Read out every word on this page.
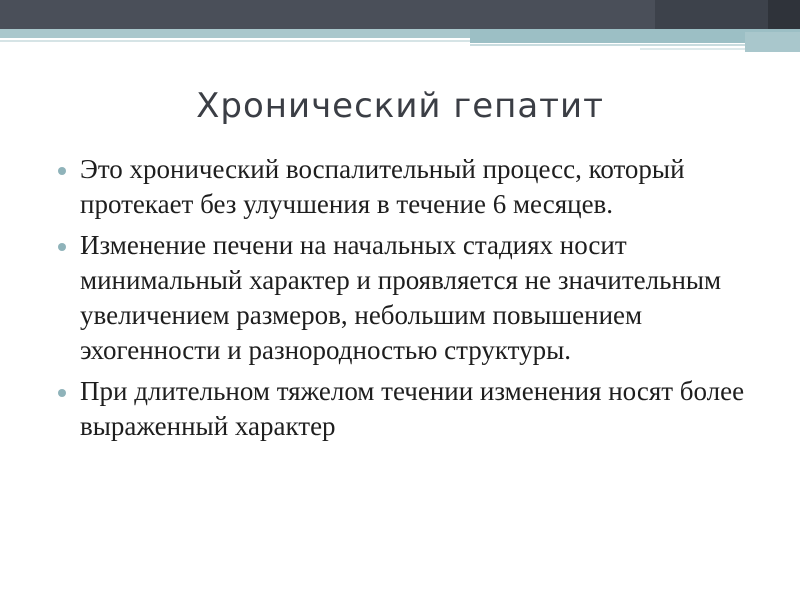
Хронический гепатит
Это хронический воспалительный процесс, который протекает без улучшения в течение 6 месяцев.
Изменение печени на начальных стадиях носит минимальный характер и проявляется не значительным увеличением размеров, небольшим повышением эхогенности и разнородностью структуры.
При длительном тяжелом течении изменения носят более выраженный характер
